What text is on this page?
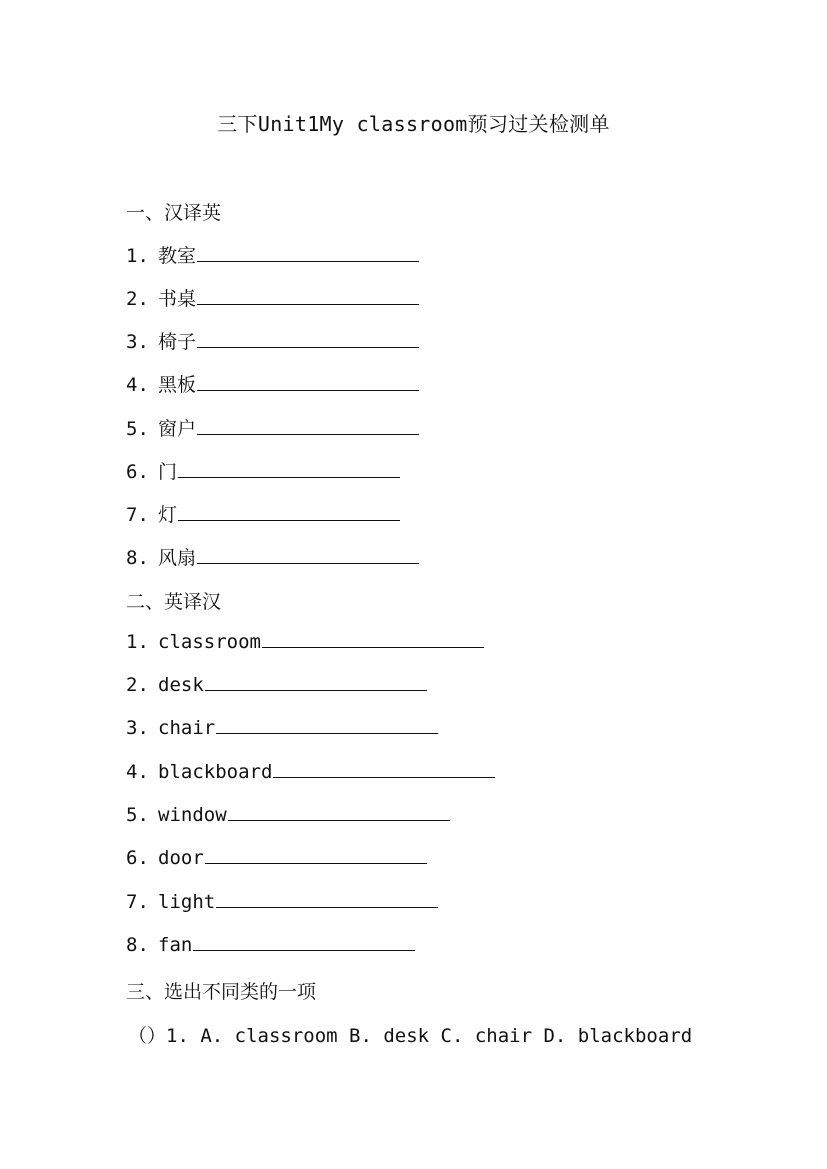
三下Unit1My classroom预习过关检测单
一、汉译英
1. 教室
2. 书桌
3. 椅子
4. 黑板
5. 窗户
6. 门
7. 灯
8. 风扇
二、英译汉
1. classroom
2. desk
3. chair
4. blackboard
5. window
6. door
7. light
8. fan
三、选出不同类的一项
（）1. A. classroom B. desk C. chair D. blackboard
